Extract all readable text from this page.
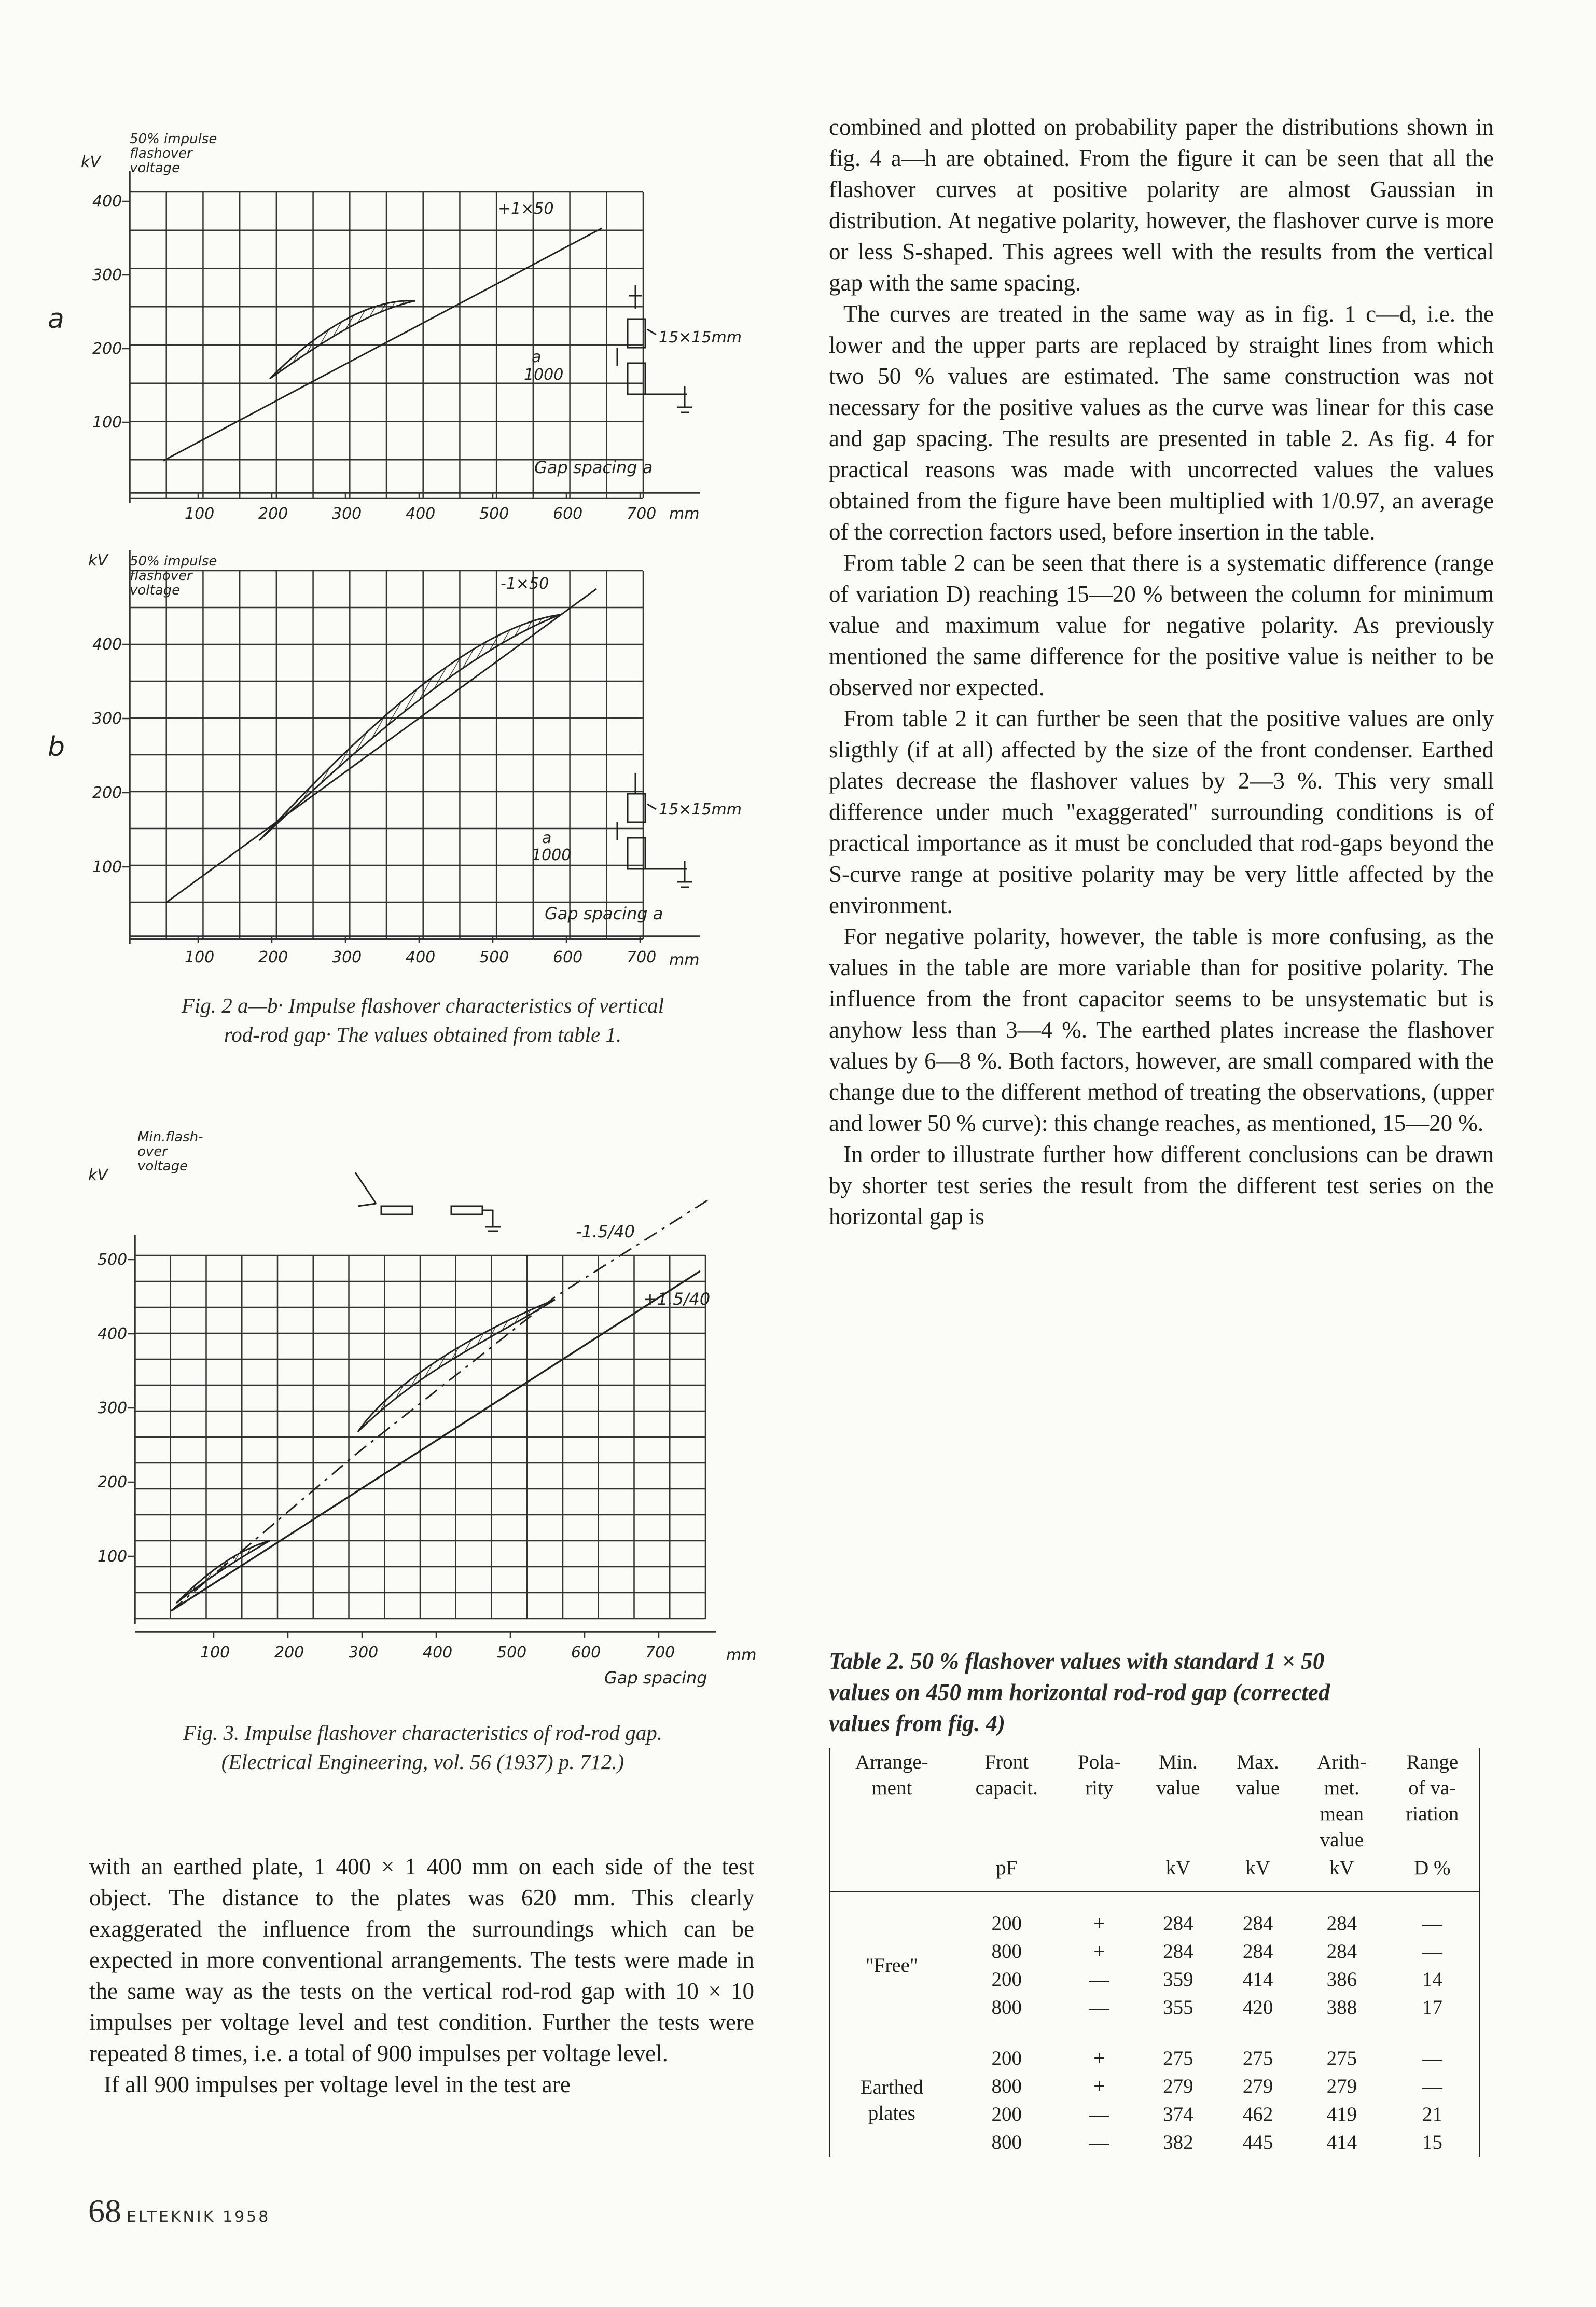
a
400
300
200
100
100	200	300	400	500	600	700
kV
50% impulse
flashover
voltage
+1×50
15×15mm
a
1000
Gap spacing a
mm
b
400
300
200
100
100	200	300	400	500	600	700
kV 50% impulse
flashover
voltage	-1×50
15×15mm
a
1000
Gap spacing a
mm
Fig. 2 a—b· Impulse flashover characteristics of vertical
rod-rod gap· The values obtained from table 1.
500
400
300
200
100
100	200	300	400	500	600	700
kV
Min.flash-
over
voltage
-1.5/40
+1.5/40
mm
Gap spacing
Fig. 3. Impulse flashover characteristics of rod-rod gap.
(Electrical Engineering, vol. 56 (1937) p. 712.)

with an earthed plate, 1 400 × 1 400 mm on each side of the test object. The distance to the plates was 620 mm. This clearly exaggerated the influence from the surroundings which can be expected in more conventional arrangements. The tests were made in the same way as the tests on the vertical rod-rod gap with 10 × 10 impulses per voltage level and test condition. Further the tests were repeated 8 times, i.e. a total of 900 impulses per voltage level.

If all 900 impulses per voltage level in the test are

combined and plotted on probability paper the distributions shown in fig. 4 a—h are obtained. From the figure it can be seen that all the flashover curves at positive polarity are almost Gaussian in distribution. At negative polarity, however, the flashover curve is more or less S-shaped. This agrees well with the results from the vertical gap with the same spacing.

The curves are treated in the same way as in fig. 1 c—d, i.e. the lower and the upper parts are replaced by straight lines from which two 50 % values are estimated. The same construction was not necessary for the positive values as the curve was linear for this case and gap spacing. The results are presented in table 2. As fig. 4 for practical reasons was made with uncorrected values the values obtained from the figure have been multiplied with 1/0.97, an average of the correction factors used, before insertion in the table.

From table 2 can be seen that there is a systematic difference (range of variation D) reaching 15—20 % between the column for minimum value and maximum value for negative polarity. As previously mentioned the same difference for the positive value is neither to be observed nor expected.

From table 2 it can further be seen that the positive values are only sligthly (if at all) affected by the size of the front condenser. Earthed plates decrease the flashover values by 2—3 %. This very small difference under much "exaggerated" surrounding conditions is of practical importance as it must be concluded that rod-gaps beyond the S-curve range at positive polarity may be very little affected by the environment.

For negative polarity, however, the table is more confusing, as the values in the table are more variable than for positive polarity. The influence from the front capacitor seems to be unsystematic but is anyhow less than 3—4 %. The earthed plates increase the flashover values by 6—8 %. Both factors, however, are small compared with the change due to the different method of treating the observations, (upper and lower 50 % curve): this change reaches, as mentioned, 15—20 %.

In order to illustrate further how different conclusions can be drawn by shorter test series the result from the different test series on the horizontal gap is

Table 2. 50 % flashover values with standard 1 × 50
values on 450 mm horizontal rod-rod gap (corrected
values from fig. 4)
Arrange-
ment	Front
capacit.	Pola-
rity	Min.
value	Max.
value	Arith-
met.
mean
value	Range
of va-
riation
	pF		kV	kV	kV	D %

"Free"	200	+	284	284	284	—
	800	+	284	284	284	—
	200	—	359	414	386	14
	800	—	355	420	388	17

Earthed
plates	200	+	275	275	275	—
	800	+	279	279	279	—
	200	—	374	462	419	21
	800	—	382	445	414	15
68 ELTEKNIK 1958
